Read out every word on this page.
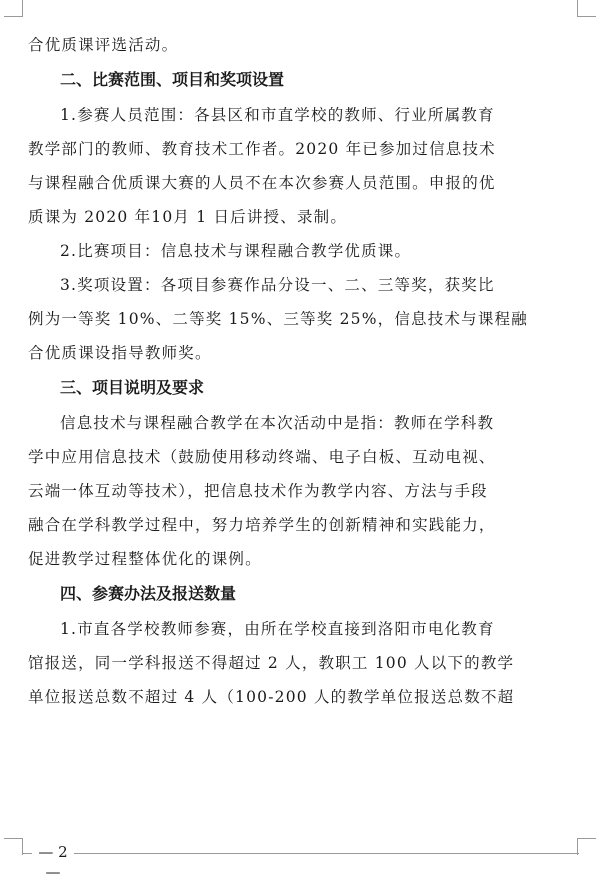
合优质课评选活动。
二、比赛范围、项目和奖项设置
1.参赛人员范围：各县区和市直学校的教师、行业所属教育
教学部门的教师、教育技术工作者。2020 年已参加过信息技术
与课程融合优质课大赛的人员不在本次参赛人员范围。申报的优
质课为 2020 年10月 1 日后讲授、录制。
2.比赛项目：信息技术与课程融合教学优质课。
3.奖项设置：各项目参赛作品分设一、二、三等奖，获奖比
例为一等奖 10%、二等奖 15%、三等奖 25%，信息技术与课程融
合优质课设指导教师奖。
三、项目说明及要求
信息技术与课程融合教学在本次活动中是指：教师在学科教
学中应用信息技术（鼓励使用移动终端、电子白板、互动电视、
云端一体互动等技术），把信息技术作为教学内容、方法与手段
融合在学科教学过程中，努力培养学生的创新精神和实践能力，
促进教学过程整体优化的课例。
四、参赛办法及报送数量
1.市直各学校教师参赛，由所在学校直接到洛阳市电化教育
馆报送，同一学科报送不得超过 2 人，教职工 100 人以下的教学
单位报送总数不超过 4 人（100-200 人的教学单位报送总数不超
— 2 —
